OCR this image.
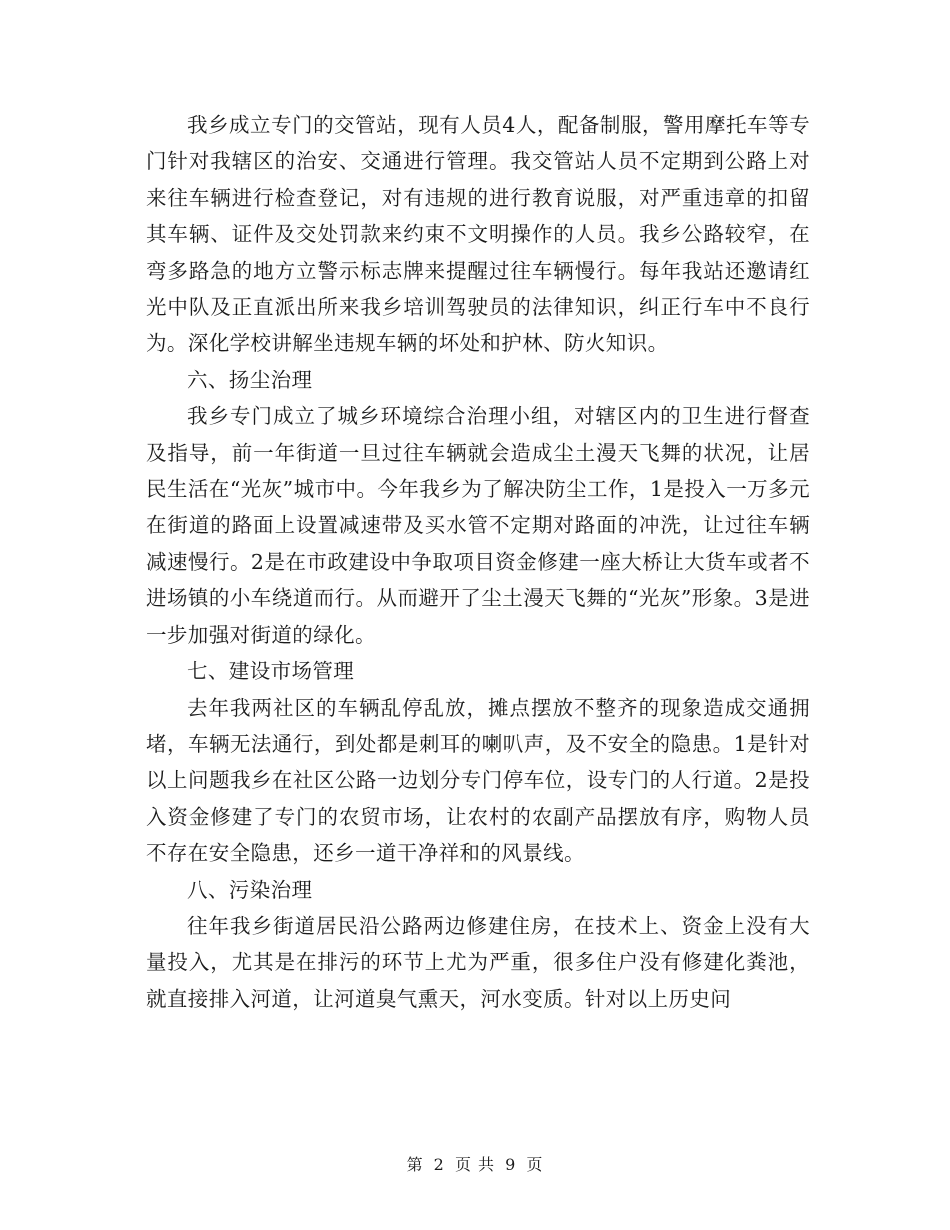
我乡成立专门的交管站，现有人员4人，配备制服，警用摩托车等专门针对我辖区的治安、交通进行管理。我交管站人员不定期到公路上对来往车辆进行检查登记，对有违规的进行教育说服，对严重违章的扣留其车辆、证件及交处罚款来约束不文明操作的人员。我乡公路较窄，在弯多路急的地方立警示标志牌来提醒过往车辆慢行。每年我站还邀请红光中队及正直派出所来我乡培训驾驶员的法律知识，纠正行车中不良行为。深化学校讲解坐违规车辆的坏处和护林、防火知识。

六、扬尘治理

我乡专门成立了城乡环境综合治理小组，对辖区内的卫生进行督查及指导，前一年街道一旦过往车辆就会造成尘土漫天飞舞的状况，让居民生活在“光灰”城市中。今年我乡为了解决防尘工作，1是投入一万多元在街道的路面上设置减速带及买水管不定期对路面的冲洗，让过往车辆减速慢行。2是在市政建设中争取项目资金修建一座大桥让大货车或者不进场镇的小车绕道而行。从而避开了尘土漫天飞舞的“光灰”形象。3是进一步加强对街道的绿化。

七、建设市场管理

去年我两社区的车辆乱停乱放，摊点摆放不整齐的现象造成交通拥堵，车辆无法通行，到处都是刺耳的喇叭声，及不安全的隐患。1是针对以上问题我乡在社区公路一边划分专门停车位，设专门的人行道。2是投入资金修建了专门的农贸市场，让农村的农副产品摆放有序，购物人员不存在安全隐患，还乡一道干净祥和的风景线。

八、污染治理

往年我乡街道居民沿公路两边修建住房，在技术上、资金上没有大量投入，尤其是在排污的环节上尤为严重，很多住户没有修建化粪池，就直接排入河道，让河道臭气熏天，河水变质。针对以上历史问

第 2 页 共 9 页
